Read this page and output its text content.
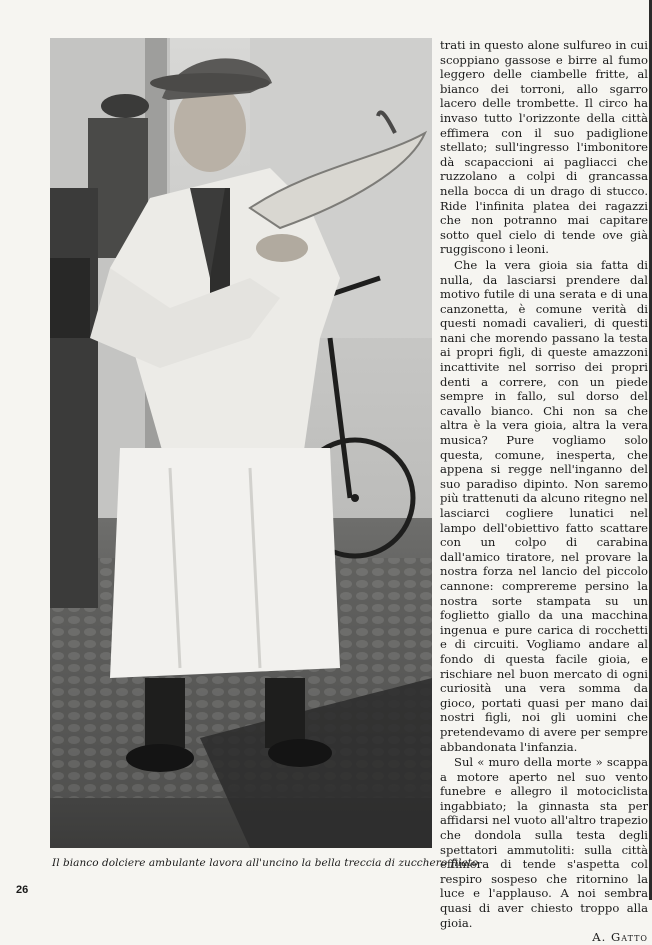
Il bianco dolciere ambulante lavora all'uncino la bella treccia di zucchero filato

trati in questo alone sulfureo in cui scoppiano gassose e birre al fumo leggero delle ciambelle fritte, al bianco dei torroni, allo sgarro lacero delle trombette. Il circo ha invaso tutto l'orizzonte della città effimera con il suo padiglione stellato; sull'ingresso l'imbonitore dà scapaccioni ai pagliacci che ruzzolano a colpi di grancassa nella bocca di un drago di stucco. Ride l'infinita platea dei ragazzi che non potranno mai capitare sotto quel cielo di tende ove già ruggiscono i leoni.

Che la vera gioia sia fatta di nulla, da lasciarsi prendere dal motivo futile di una serata e di una canzonetta, è comune verità di questi nomadi cavalieri, di questi nani che morendo passano la testa ai propri figli, di queste amazzoni incattivite nel sorriso dei propri denti a correre, con un piede sempre in fallo, sul dorso del cavallo bianco. Chi non sa che altra è la vera gioia, altra la vera musica? Pure vogliamo solo questa, comune, inesperta, che appena si regge nell'inganno del suo paradiso dipinto. Non saremo più trattenuti da alcuno ritegno nel lasciarci cogliere lunatici nel lampo dell'obiettivo fatto scattare con un colpo di carabina dall'amico tiratore, nel provare la nostra forza nel lancio del piccolo cannone: comprereme persino la nostra sorte stampata su un foglietto giallo da una macchina ingenua e pure carica di rocchetti e di circuiti. Vogliamo andare al fondo di questa facile gioia, e rischiare nel buon mercato di ogni curiosità una vera somma da gioco, portati quasi per mano dai nostri figli, noi gli uomini che pretendevamo di avere per sempre abbandonata l'infanzia.

Sul « muro della morte » scappa a motore aperto nel suo vento funebre e allegro il motociclista ingabbiato; la ginnasta sta per affidarsi nel vuoto all'altro trapezio che dondola sulla testa degli spettatori ammutoliti: sulla città effimera di tende s'aspetta col respiro sospeso che ritornino la luce e l'applauso. A noi sembra quasi di aver chiesto troppo alla gioia.

A. Gatto
26
